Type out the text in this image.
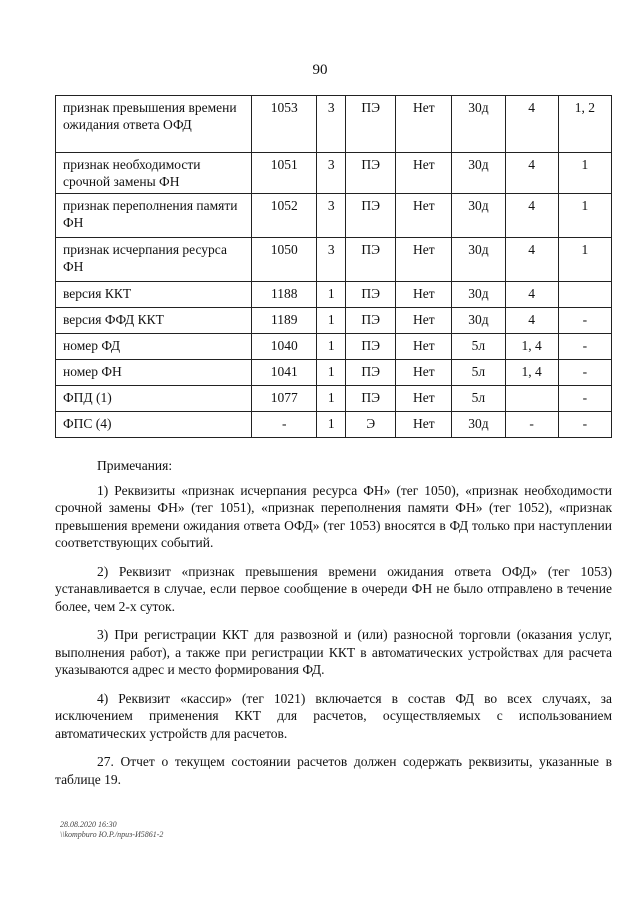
90
признак превышения времени ожидания ответа ОФД	1053	3	ПЭ	Нет	30д	4	1, 2
признак необходимости срочной замены ФН	1051	3	ПЭ	Нет	30д	4	1
признак переполнения памяти ФН	1052	3	ПЭ	Нет	30д	4	1
признак исчерпания ресурса ФН	1050	3	ПЭ	Нет	30д	4	1
версия ККТ	1188	1	ПЭ	Нет	30д	4	
версия ФФД ККТ	1189	1	ПЭ	Нет	30д	4	-
номер ФД	1040	1	ПЭ	Нет	5л	1, 4	-
номер ФН	1041	1	ПЭ	Нет	5л	1, 4	-
ФПД (1)	1077	1	ПЭ	Нет	5л		-
ФПС (4)	-	1	Э	Нет	30д	-	-
Примечания:

1) Реквизиты «признак исчерпания ресурса ФН» (тег 1050), «признак необходимости срочной замены ФН» (тег 1051), «признак переполнения памяти ФН» (тег 1052), «признак превышения времени ожидания ответа ОФД» (тег 1053) вносятся в ФД только при наступлении соответствующих событий.

2) Реквизит «признак превышения времени ожидания ответа ОФД» (тег 1053) устанавливается в случае, если первое сообщение в очереди ФН не было отправлено в течение более, чем 2-х суток.

3) При регистрации ККТ для развозной и (или) разносной торговли (оказания услуг, выполнения работ), а также при регистрации ККТ в автоматических устройствах для расчета указываются адрес и место формирования ФД.

4) Реквизит «кассир» (тег 1021) включается в состав ФД во всех случаях, за исключением применения ККТ для расчетов, осуществляемых с использованием автоматических устройств для расчетов.

27. Отчет о текущем состоянии расчетов должен содержать реквизиты, указанные в таблице 19.

28.08.2020 16:30
\\kompburo Ю.Р./приз-И5861-2
